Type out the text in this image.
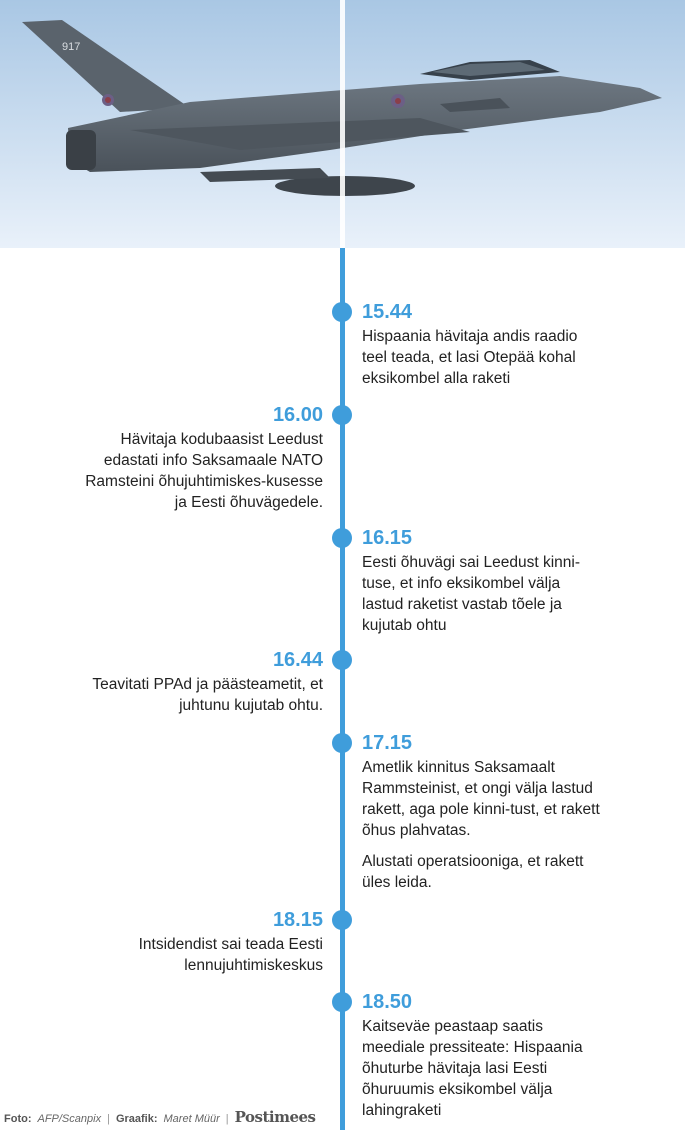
917
15.44

Hispaania hävitaja andis raadio teel teada, et lasi Otepää kohal eksikombel alla raketi

16.00

Hävitaja kodubaasist Leedust edastati info Saksamaale NATO Ramsteini õhujuhtimiskes-kusesse ja Eesti õhuvägedele.

16.15

Eesti õhuvägi sai Leedust kinni-tuse, et info eksikombel välja lastud raketist vastab tõele ja kujutab ohtu

16.44

Teavitati PPAd ja päästeametit, et juhtunu kujutab ohtu.

17.15

Ametlik kinnitus Saksamaalt Rammsteinist, et ongi välja lastud rakett, aga pole kinni-tust, et rakett õhus plahvatas.

Alustati operatsiooniga, et rakett üles leida.

18.15

Intsidendist sai teada Eesti lennujuhtimiskeskus

18.50

Kaitseväe peastaap saatis meediale pressiteate: Hispaania õhuturbe hävitaja lasi Eesti õhuruumis eksikombel välja lahingraketi

Foto: AFP/Scanpix | Graafik: Maret Müür | Postimees
